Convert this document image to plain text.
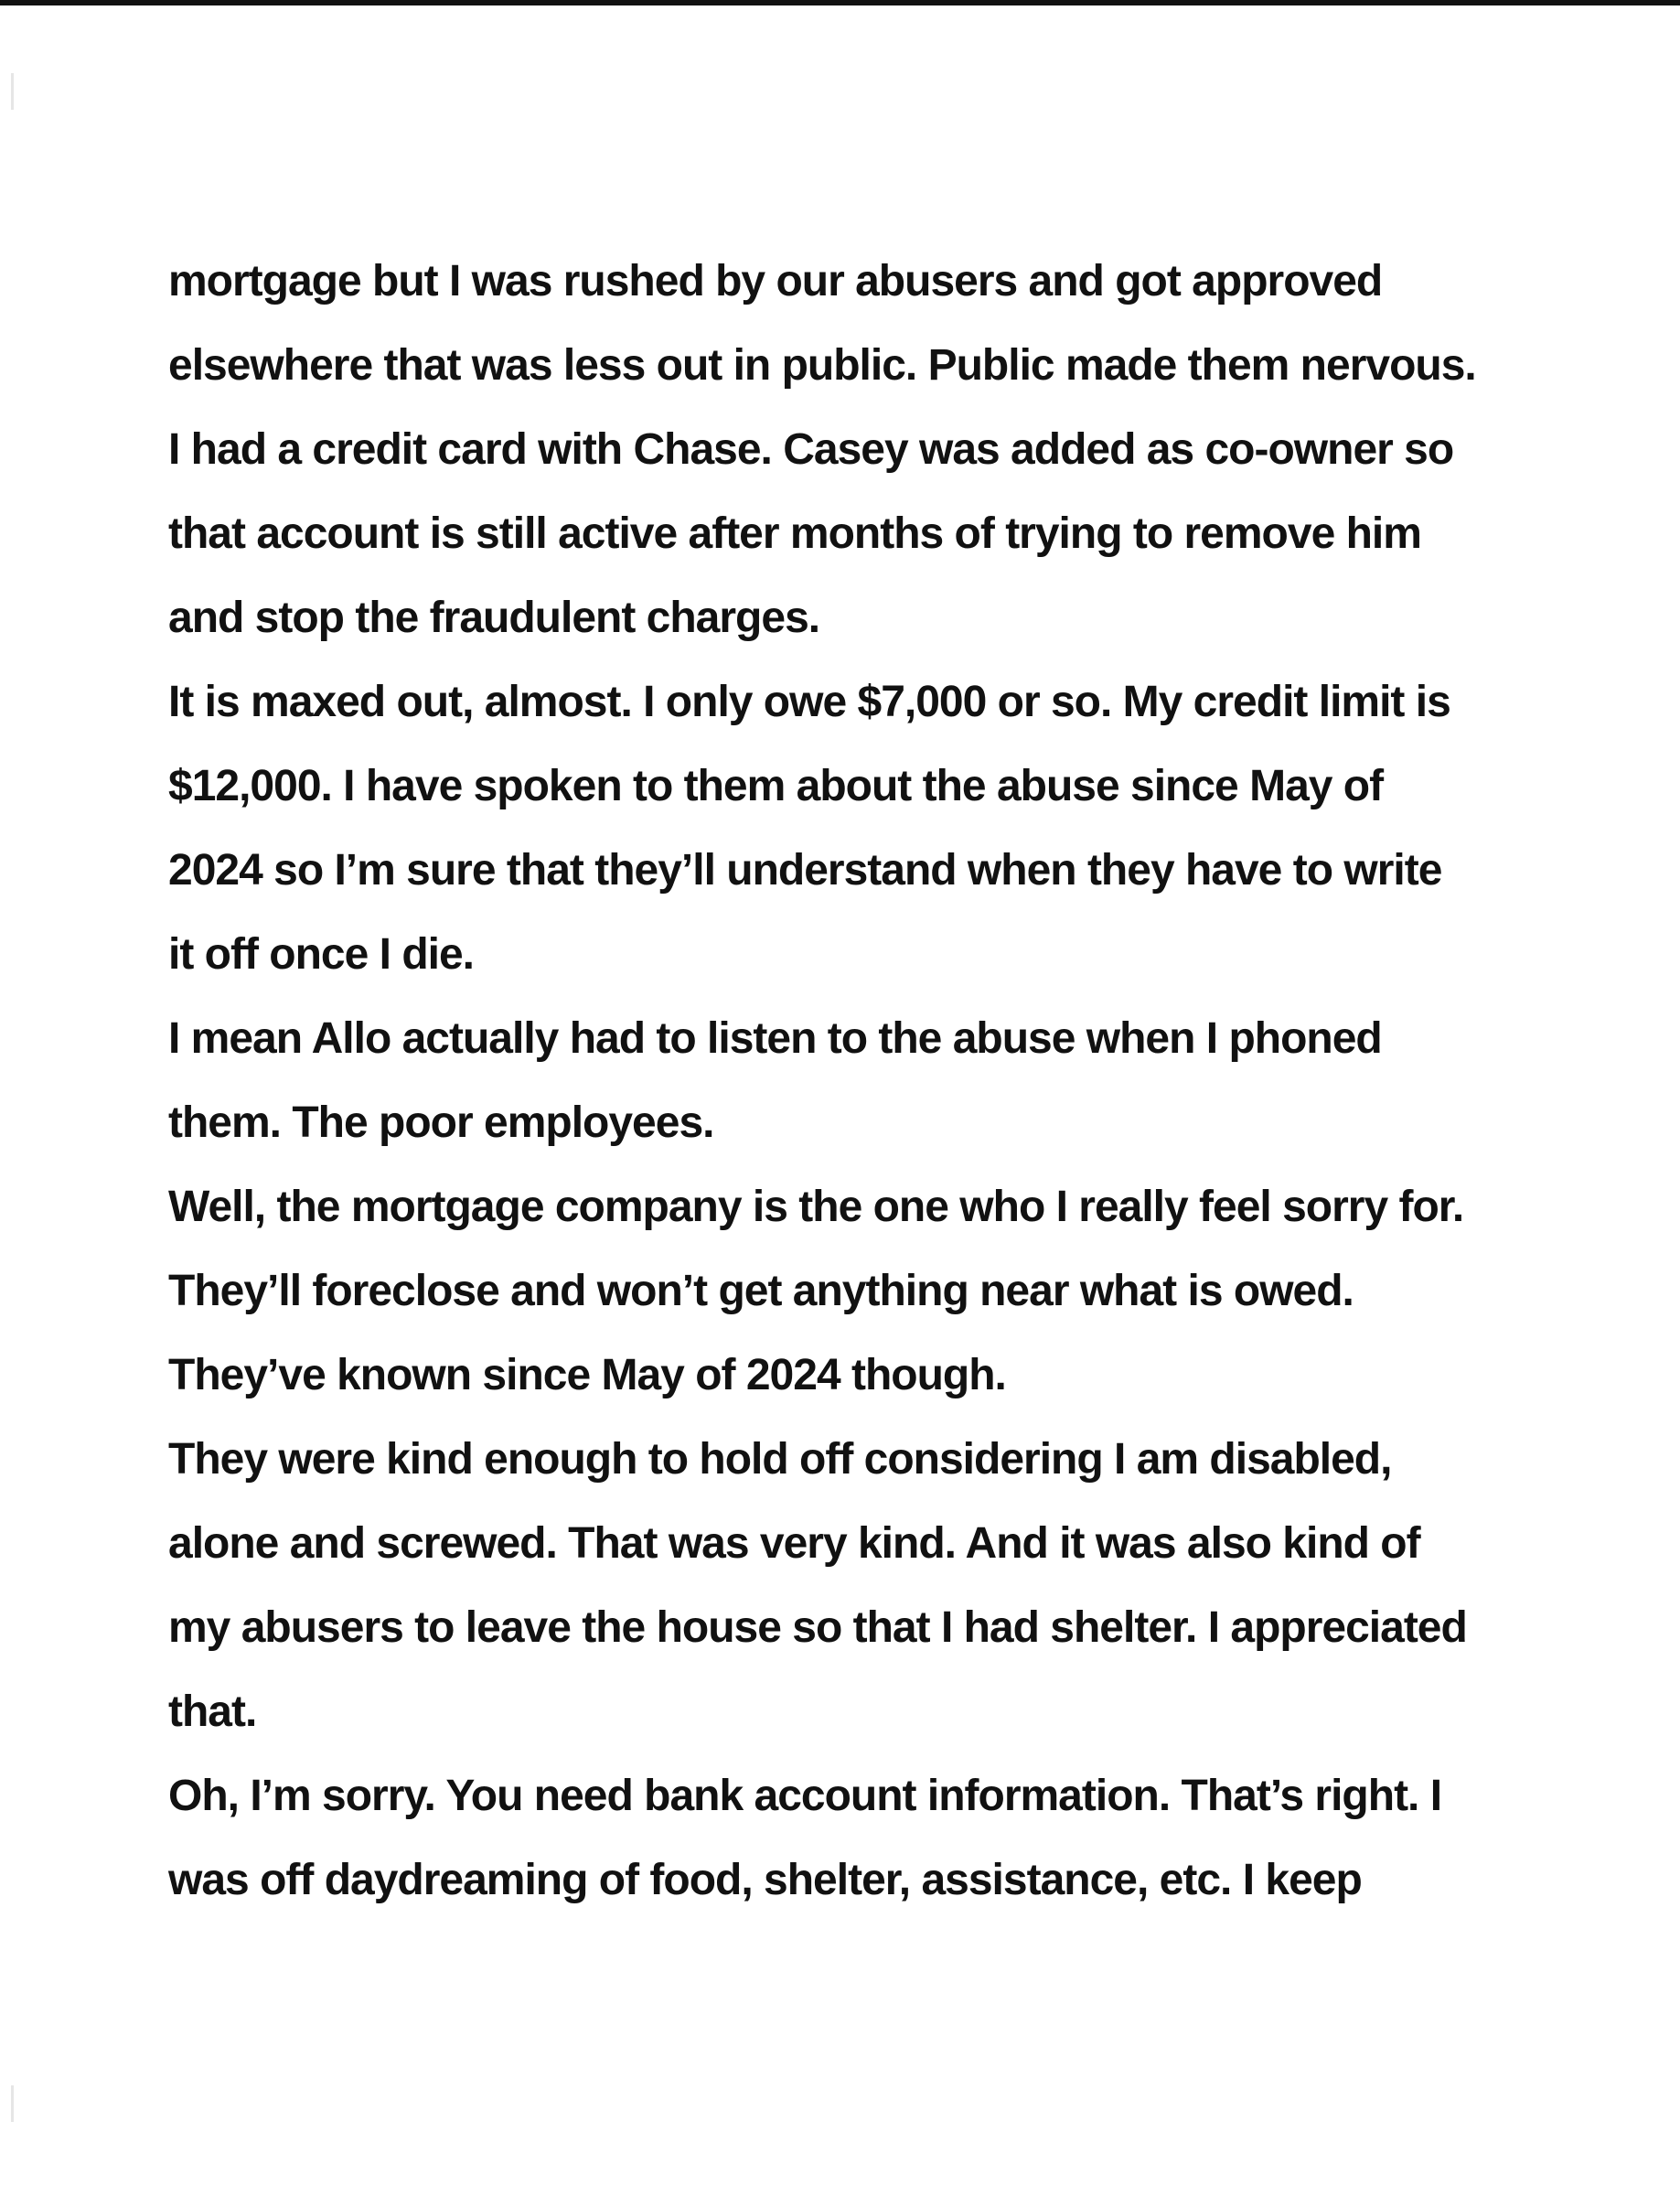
mortgage but I was rushed by our abusers and got approved
elsewhere that was less out in public. Public made them nervous.
I had a credit card with Chase. Casey was added as co-owner so
that account is still active after months of trying to remove him
and stop the fraudulent charges.
It is maxed out, almost. I only owe $7,000 or so. My credit limit is
$12,000. I have spoken to them about the abuse since May of
2024 so I’m sure that they’ll understand when they have to write
it off once I die.
I mean Allo actually had to listen to the abuse when I phoned
them. The poor employees.
Well, the mortgage company is the one who I really feel sorry for.
They’ll foreclose and won’t get anything near what is owed.
They’ve known since May of 2024 though.
They were kind enough to hold off considering I am disabled,
alone and screwed. That was very kind. And it was also kind of
my abusers to leave the house so that I had shelter. I appreciated
that.
Oh, I’m sorry. You need bank account information. That’s right. I
was off daydreaming of food, shelter, assistance, etc. I keep
